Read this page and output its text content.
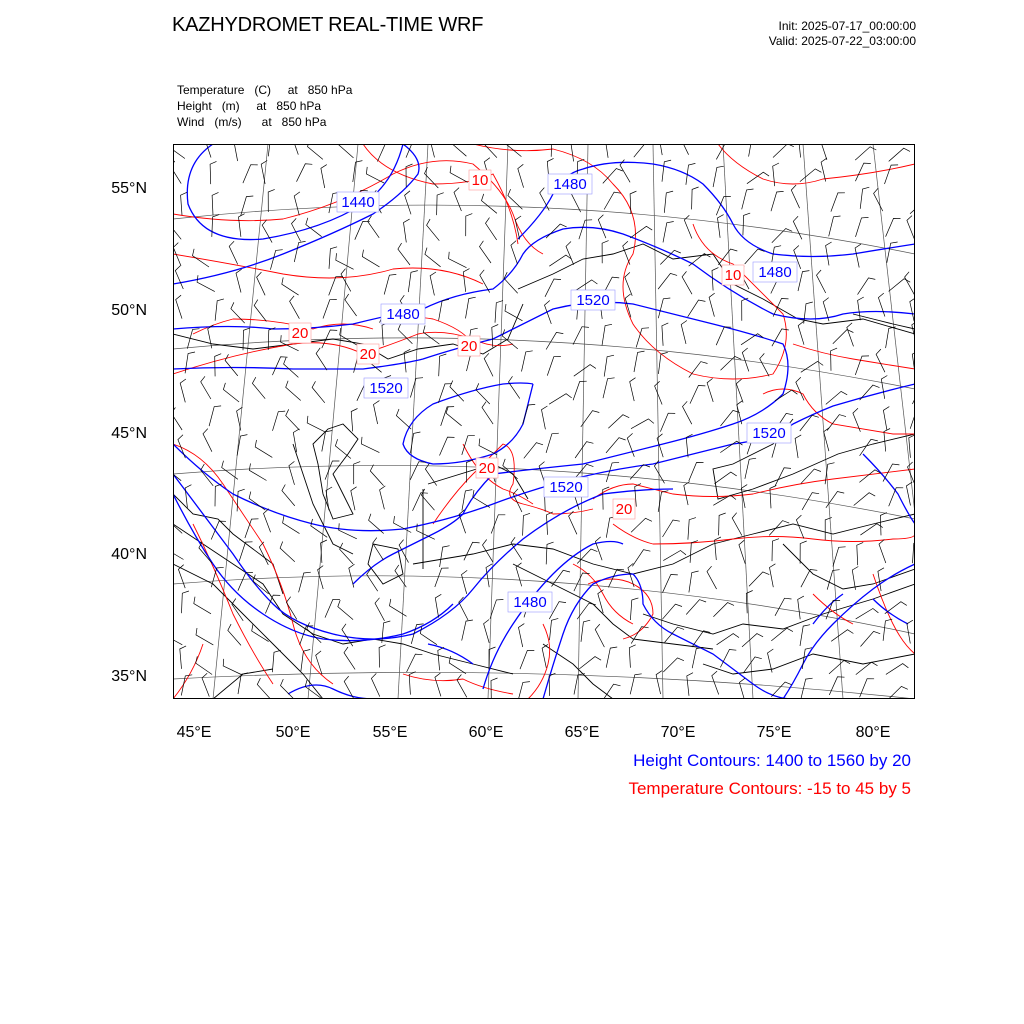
KAZHYDROMET REAL-TIME WRF	Init: 2025-07-17_00:00:00
Valid: 2025-07-22_03:00:00
Temperature   (C)     at   850 hPa
Height   (m)     at   850 hPa
Wind   (m/s)      at   850 hPa
1440
1480
1480
1480
1480
1520
1520
1520
1520
10
10
20
20	20
20
20
55°N
50°N
45°N
40°N
35°N
45°E	50°E	55°E	60°E	65°E	70°E	75°E	80°E
Height Contours: 1400 to 1560 by 20
Temperature Contours: -15 to 45 by 5
